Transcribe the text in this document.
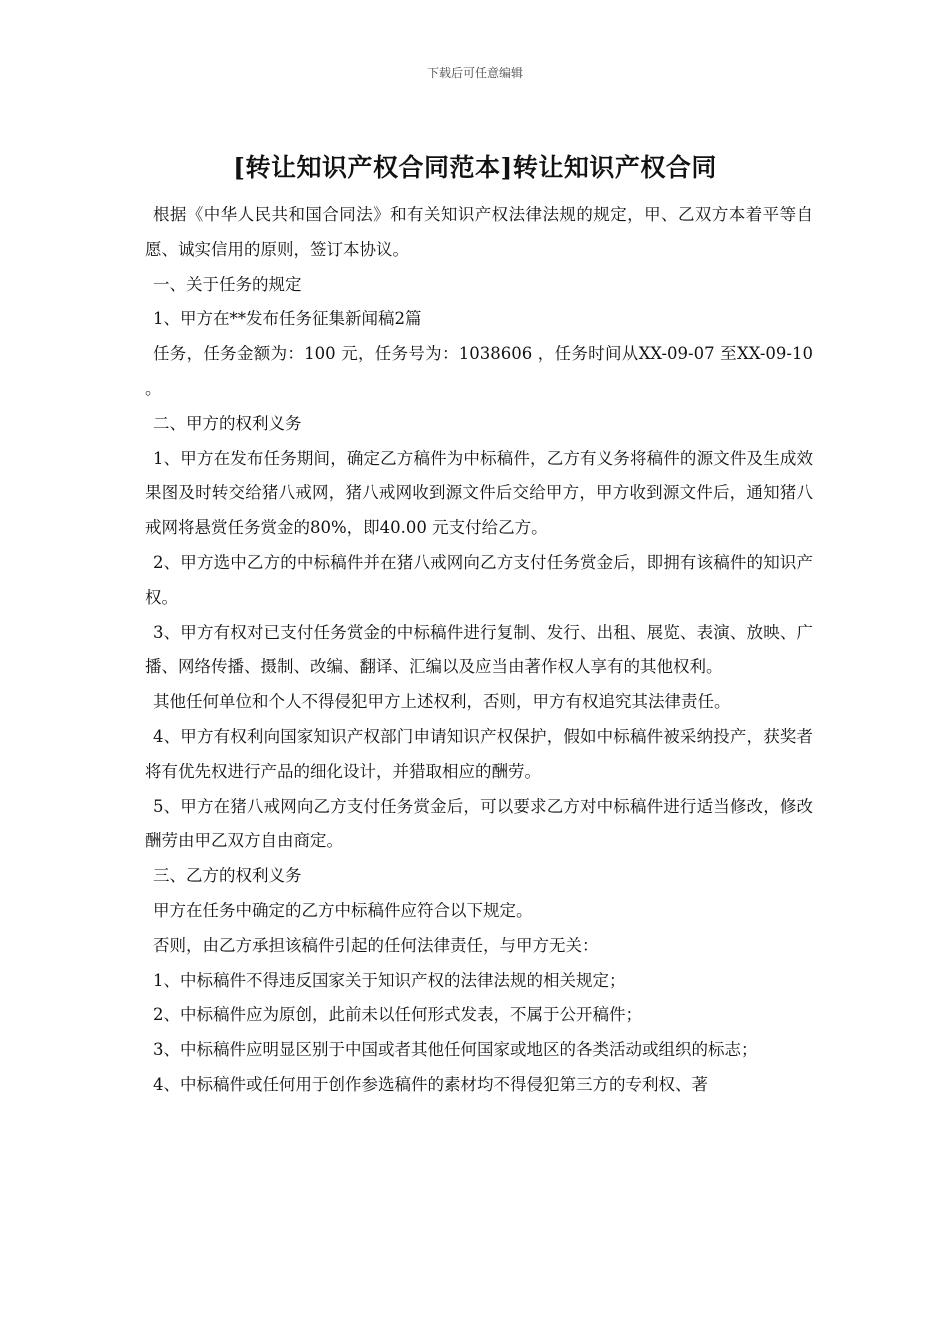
下载后可任意编辑
[转让知识产权合同范本]转让知识产权合同

根据《中华人民共和国合同法》和有关知识产权法律法规的规定，甲、乙双方本着平等自愿、诚实信用的原则，签订本协议。

一、关于任务的规定

1、甲方在**发布任务征集新闻稿2篇

任务，任务金额为：100 元，任务号为：1038606 ，任务时间从XX-09-07 至XX-09-10 。

二、甲方的权利义务

1、甲方在发布任务期间，确定乙方稿件为中标稿件，乙方有义务将稿件的源文件及生成效果图及时转交给猪八戒网，猪八戒网收到源文件后交给甲方，甲方收到源文件后，通知猪八戒网将悬赏任务赏金的80%，即40.00 元支付给乙方。

2、甲方选中乙方的中标稿件并在猪八戒网向乙方支付任务赏金后，即拥有该稿件的知识产权。

3、甲方有权对已支付任务赏金的中标稿件进行复制、发行、出租、展览、表演、放映、广播、网络传播、摄制、改编、翻译、汇编以及应当由著作权人享有的其他权利。

其他任何单位和个人不得侵犯甲方上述权利，否则，甲方有权追究其法律责任。

4、甲方有权利向国家知识产权部门申请知识产权保护，假如中标稿件被采纳投产，获奖者将有优先权进行产品的细化设计，并猎取相应的酬劳。

5、甲方在猪八戒网向乙方支付任务赏金后，可以要求乙方对中标稿件进行适当修改，修改酬劳由甲乙双方自由商定。

三、乙方的权利义务

甲方在任务中确定的乙方中标稿件应符合以下规定。

否则，由乙方承担该稿件引起的任何法律责任，与甲方无关：

1、中标稿件不得违反国家关于知识产权的法律法规的相关规定；

2、中标稿件应为原创，此前未以任何形式发表，不属于公开稿件；

3、中标稿件应明显区别于中国或者其他任何国家或地区的各类活动或组织的标志；

4、中标稿件或任何用于创作参选稿件的素材均不得侵犯第三方的专利权、著
